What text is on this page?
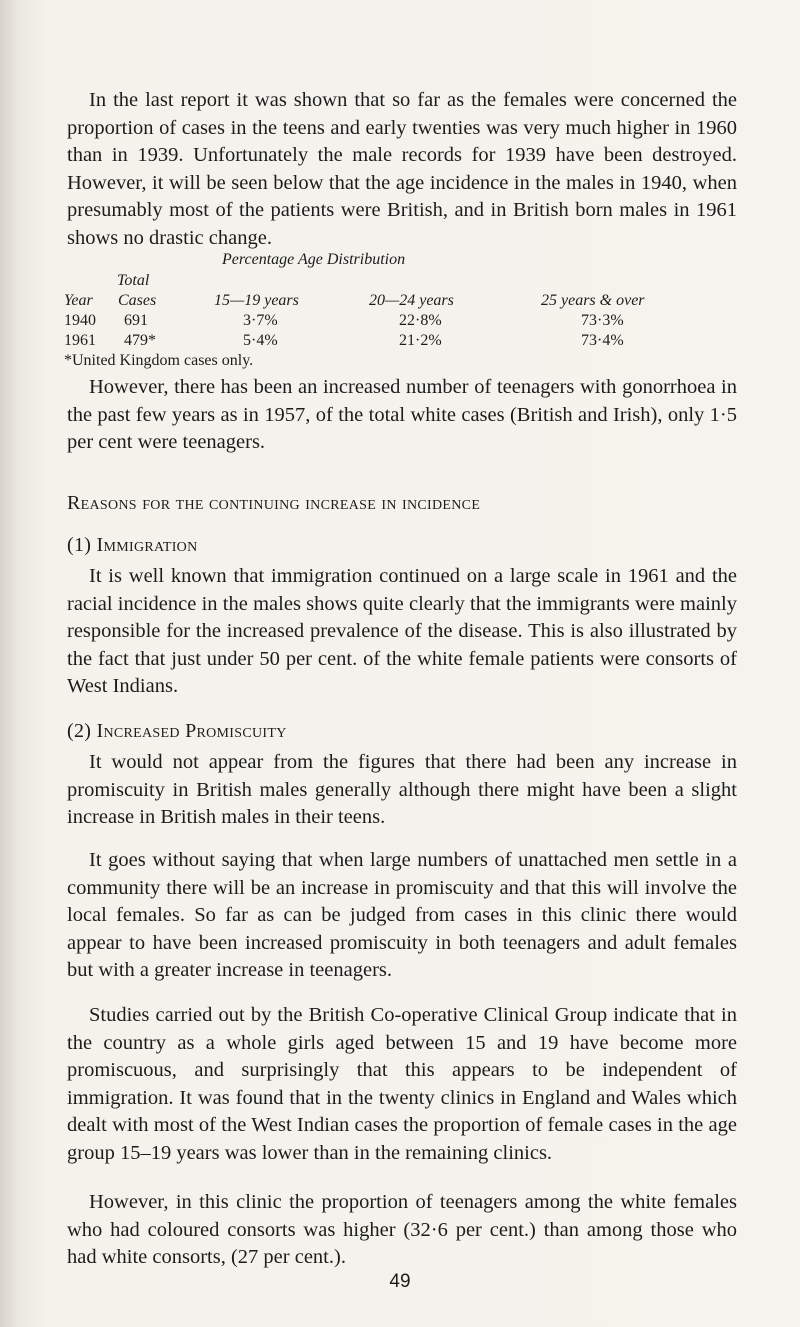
In the last report it was shown that so far as the females were concerned the proportion of cases in the teens and early twenties was very much higher in 1960 than in 1939. Unfortunately the male records for 1939 have been destroyed. However, it will be seen below that the age incidence in the males in 1940, when presumably most of the patients were British, and in British born males in 1961 shows no drastic change.

Percentage Age Distribution
Total
Year Cases	15—19 years	20—24 years	25 years & over
1940 691	3·7%	22·8%	73·3%
1961 479*	5·4%	21·2%	73·4%
*United Kingdom cases only.

However, there has been an increased number of teenagers with gonorrhoea in the past few years as in 1957, of the total white cases (British and Irish), only 1·5 per cent were teenagers.

Reasons for the continuing increase in incidence

(1) Immigration

It is well known that immigration continued on a large scale in 1961 and the racial incidence in the males shows quite clearly that the immigrants were mainly responsible for the increased prevalence of the disease. This is also illustrated by the fact that just under 50 per cent. of the white female patients were consorts of West Indians.

(2) Increased Promiscuity

It would not appear from the figures that there had been any increase in promiscuity in British males generally although there might have been a slight increase in British males in their teens.

It goes without saying that when large numbers of unattached men settle in a community there will be an increase in promiscuity and that this will involve the local females. So far as can be judged from cases in this clinic there would appear to have been increased promiscuity in both teenagers and adult females but with a greater increase in teenagers.

Studies carried out by the British Co-operative Clinical Group indicate that in the country as a whole girls aged between 15 and 19 have become more promiscuous, and surprisingly that this appears to be independent of immigration. It was found that in the twenty clinics in England and Wales which dealt with most of the West Indian cases the proportion of female cases in the age group 15–19 years was lower than in the remaining clinics.

However, in this clinic the proportion of teenagers among the white females who had coloured consorts was higher (32·6 per cent.) than among those who had white consorts, (27 per cent.).

49
